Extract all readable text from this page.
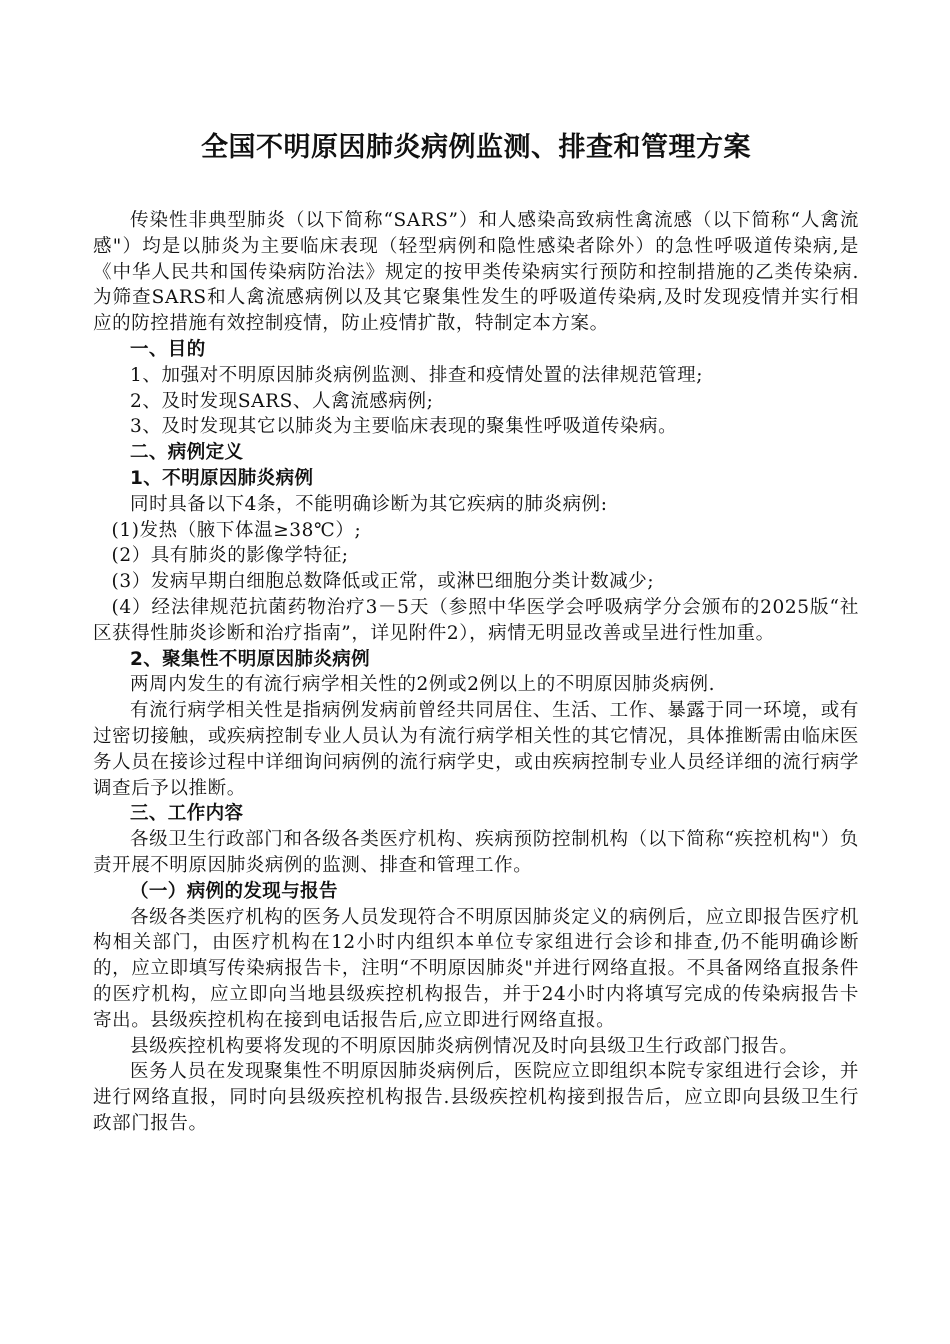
全国不明原因肺炎病例监测、排查和管理方案

传染性非典型肺炎（以下简称“SARS”）和人感染高致病性禽流感（以下简称“人禽流感"）均是以肺炎为主要临床表现（轻型病例和隐性感染者除外）的急性呼吸道传染病,是《中华人民共和国传染病防治法》规定的按甲类传染病实行预防和控制措施的乙类传染病.为筛查SARS和人禽流感病例以及其它聚集性发生的呼吸道传染病,及时发现疫情并实行相应的防控措施有效控制疫情，防止疫情扩散，特制定本方案。

一、目的

1、加强对不明原因肺炎病例监测、排查和疫情处置的法律规范管理;

2、及时发现SARS、人禽流感病例;

3、及时发现其它以肺炎为主要临床表现的聚集性呼吸道传染病。

二、病例定义

1、不明原因肺炎病例

同时具备以下4条，不能明确诊断为其它疾病的肺炎病例:

(1)发热（腋下体温≥38℃）;

(2）具有肺炎的影像学特征;

(3）发病早期白细胞总数降低或正常，或淋巴细胞分类计数减少;

(4）经法律规范抗菌药物治疗3－5天（参照中华医学会呼吸病学分会颁布的2025版“社区获得性肺炎诊断和治疗指南”，详见附件2），病情无明显改善或呈进行性加重。

2、聚集性不明原因肺炎病例

两周内发生的有流行病学相关性的2例或2例以上的不明原因肺炎病例.

有流行病学相关性是指病例发病前曾经共同居住、生活、工作、暴露于同一环境，或有过密切接触，或疾病控制专业人员认为有流行病学相关性的其它情况，具体推断需由临床医务人员在接诊过程中详细询问病例的流行病学史，或由疾病控制专业人员经详细的流行病学调查后予以推断。

三、工作内容

各级卫生行政部门和各级各类医疗机构、疾病预防控制机构（以下简称“疾控机构"）负责开展不明原因肺炎病例的监测、排查和管理工作。

（一）病例的发现与报告

各级各类医疗机构的医务人员发现符合不明原因肺炎定义的病例后，应立即报告医疗机构相关部门，由医疗机构在12小时内组织本单位专家组进行会诊和排查,仍不能明确诊断的，应立即填写传染病报告卡，注明“不明原因肺炎"并进行网络直报。不具备网络直报条件的医疗机构，应立即向当地县级疾控机构报告，并于24小时内将填写完成的传染病报告卡寄出。县级疾控机构在接到电话报告后,应立即进行网络直报。

县级疾控机构要将发现的不明原因肺炎病例情况及时向县级卫生行政部门报告。

医务人员在发现聚集性不明原因肺炎病例后，医院应立即组织本院专家组进行会诊，并进行网络直报，同时向县级疾控机构报告.县级疾控机构接到报告后，应立即向县级卫生行政部门报告。
